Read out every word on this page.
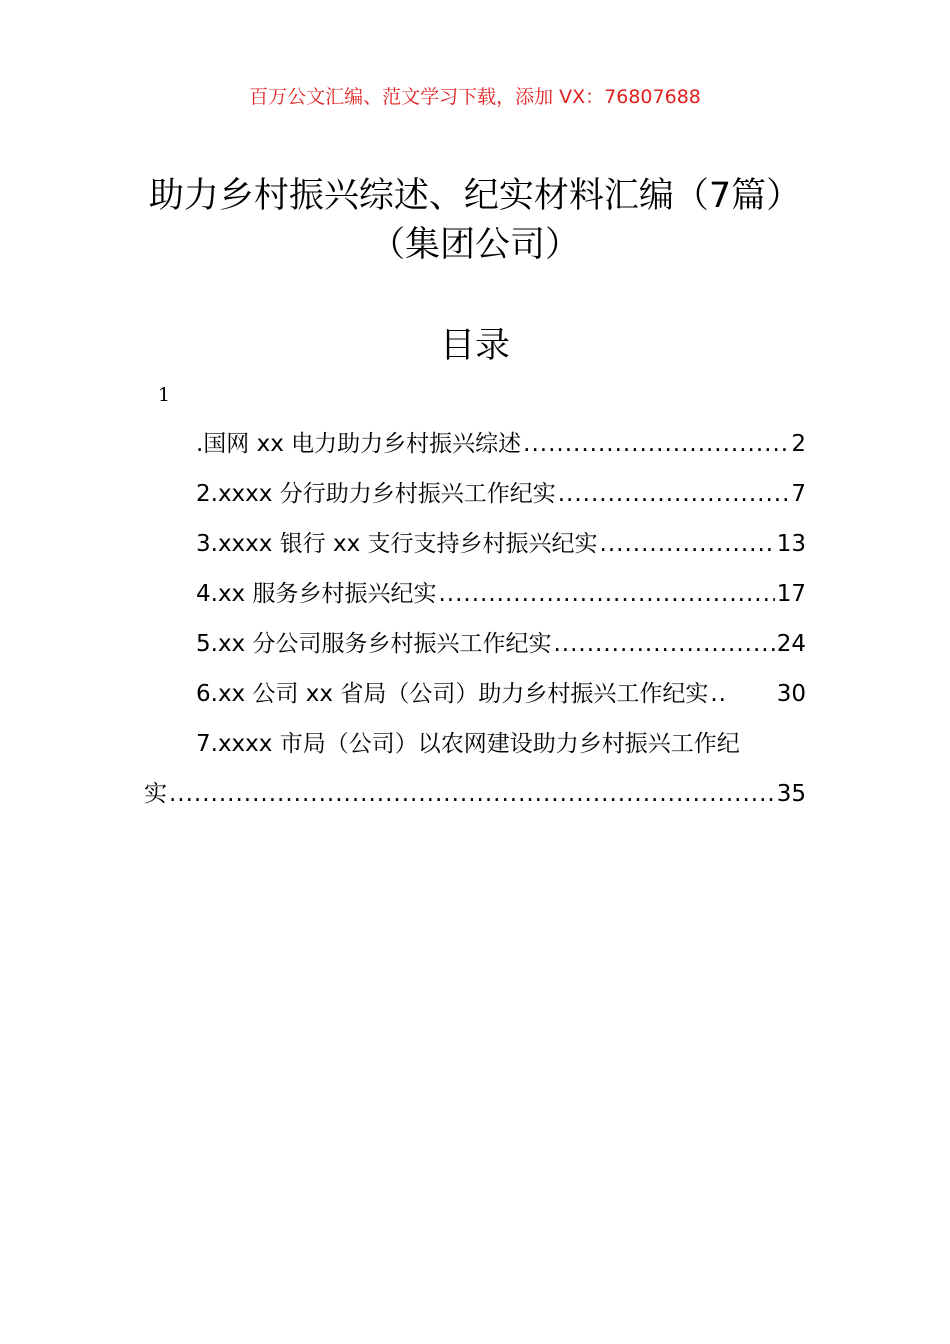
百万公文汇编、范文学习下载，添加 VX：76807688
助力乡村振兴综述、纪实材料汇编（7篇）
（集团公司）
目录
1
.国网 xx 电力助力乡村振兴综述 .....	2
2.xxxx 分行助力乡村振兴工作纪实 .....	7
3.xxxx 银行 xx 支行支持乡村振兴纪实 .....	13
4.xx 服务乡村振兴纪实 .....	17
5.xx 分公司服务乡村振兴工作纪实 .....	24
6.xx 公司 xx 省局（公司）助力乡村振兴工作纪实 ..	30
7.xxxx 市局（公司）以农网建设助力乡村振兴工作纪
实 .....	35
